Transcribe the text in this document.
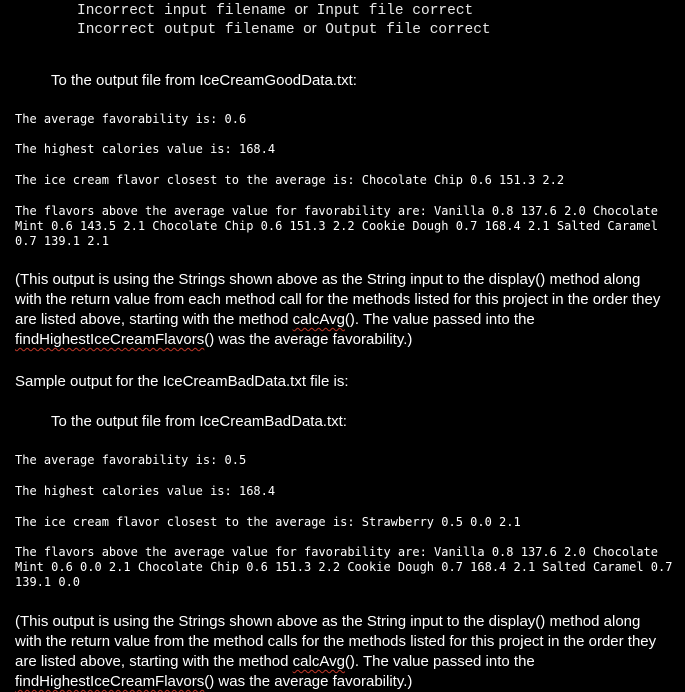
Incorrect input filename or Input file correct
Incorrect output filename or Output file correct
To the output file from IceCreamGoodData.txt:
The average favorability is: 0.6
The highest calories value is: 168.4
The ice cream flavor closest to the average is: Chocolate Chip 0.6 151.3 2.2
The flavors above the average value for favorability are: Vanilla 0.8 137.6 2.0 Chocolate Mint 0.6 143.5 2.1 Chocolate Chip 0.6 151.3 2.2 Cookie Dough 0.7 168.4 2.1 Salted Caramel 0.7 139.1 2.1
(This output is using the Strings shown above as the String input to the display() method along with the return value from each method call for the methods listed for this project in the order they are listed above, starting with the method calcAvg(). The value passed into the findHighestIceCreamFlavors() was the average favorability.)
Sample output for the IceCreamBadData.txt file is:
To the output file from IceCreamBadData.txt:
The average favorability is: 0.5
The highest calories value is: 168.4
The ice cream flavor closest to the average is: Strawberry 0.5 0.0 2.1
The flavors above the average value for favorability are: Vanilla 0.8 137.6 2.0 Chocolate Mint 0.6 0.0 2.1 Chocolate Chip 0.6 151.3 2.2 Cookie Dough 0.7 168.4 2.1 Salted Caramel 0.7 139.1 0.0
(This output is using the Strings shown above as the String input to the display() method along with the return value from the method calls for the methods listed for this project in the order they are listed above, starting with the method calcAvg(). The value passed into the findHighestIceCreamFlavors() was the average favorability.)
